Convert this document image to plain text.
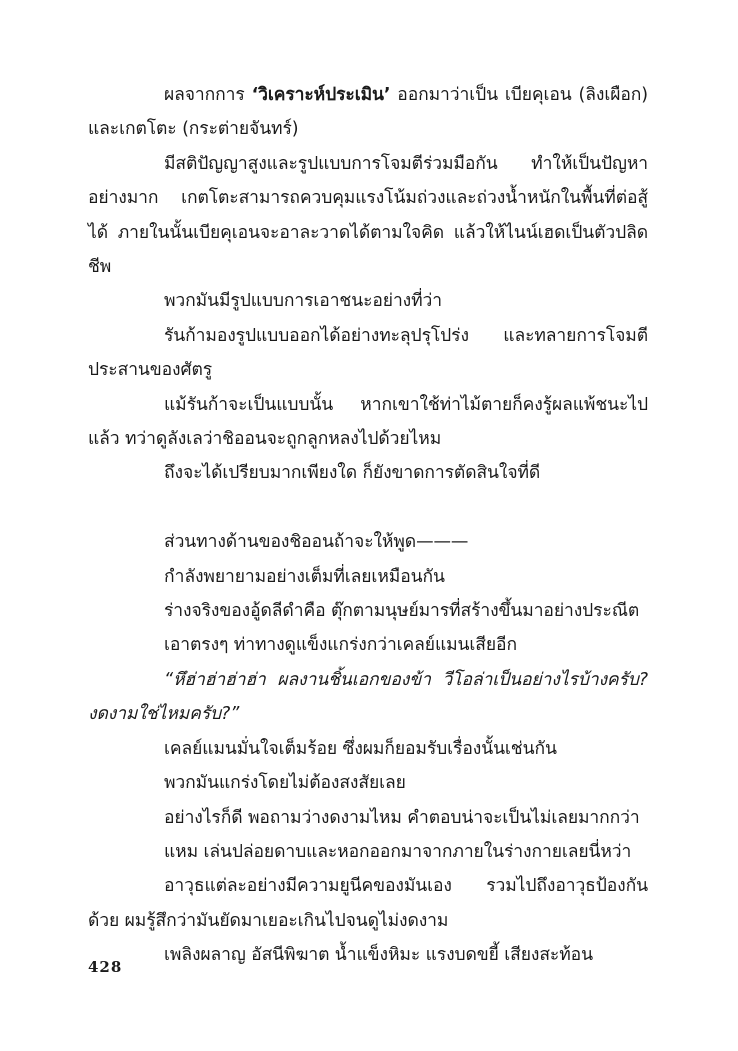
ผลจากการ ‘วิเคราะห์ประเมิน’ ออกมาว่าเป็น เบียคุเอน (ลิงเผือก) และเกตโตะ (กระต่ายจันทร์)

มีสติปัญญาสูงและรูปแบบการโจมตีร่วมมือกัน ทำให้เป็นปัญหาอย่างมาก เกตโตะสามารถควบคุมแรงโน้มถ่วงและถ่วงน้ำหนักในพื้นที่ต่อสู้ได้ ภายในนั้นเบียคุเอนจะอาละวาดได้ตามใจคิด แล้วให้ไนน์เฮดเป็นตัวปลิดชีพ

พวกมันมีรูปแบบการเอาชนะอย่างที่ว่า

รันก้ามองรูปแบบออกได้อย่างทะลุปรุโปร่ง และทลายการโจมตีประสานของศัตรู

แม้รันก้าจะเป็นแบบนั้น หากเขาใช้ท่าไม้ตายก็คงรู้ผลแพ้ชนะไปแล้ว ทว่าดูลังเลว่าชิออนจะถูกลูกหลงไปด้วยไหม

ถึงจะได้เปรียบมากเพียงใด ก็ยังขาดการตัดสินใจที่ดี

ส่วนทางด้านของชิออนถ้าจะให้พูด———

กำลังพยายามอย่างเต็มที่เลยเหมือนกัน

ร่างจริงของอู้ดลีดำคือ ตุ๊กตามนุษย์มารที่สร้างขึ้นมาอย่างประณีต

เอาตรงๆ ท่าทางดูแข็งแกร่งกว่าเคลย์แมนเสียอีก

“หึฮ่าฮ่าฮ่าฮ่า ผลงานชิ้นเอกของข้า วีโอล่าเป็นอย่างไรบ้างครับ? งดงามใช่ไหมครับ?”

เคลย์แมนมั่นใจเต็มร้อย ซึ่งผมก็ยอมรับเรื่องนั้นเช่นกัน

พวกมันแกร่งโดยไม่ต้องสงสัยเลย

อย่างไรก็ดี พอถามว่างดงามไหม คำตอบน่าจะเป็นไม่เลยมากกว่า

แหม เล่นปล่อยดาบและหอกออกมาจากภายในร่างกายเลยนี่หว่า

อาวุธแต่ละอย่างมีความยูนีคของมันเอง รวมไปถึงอาวุธป้องกันด้วย ผมรู้สึกว่ามันยัดมาเยอะเกินไปจนดูไม่งดงาม

เพลิงผลาญ อัสนีพิฆาต น้ำแข็งหิมะ แรงบดขยี้ เสียงสะท้อน

428
